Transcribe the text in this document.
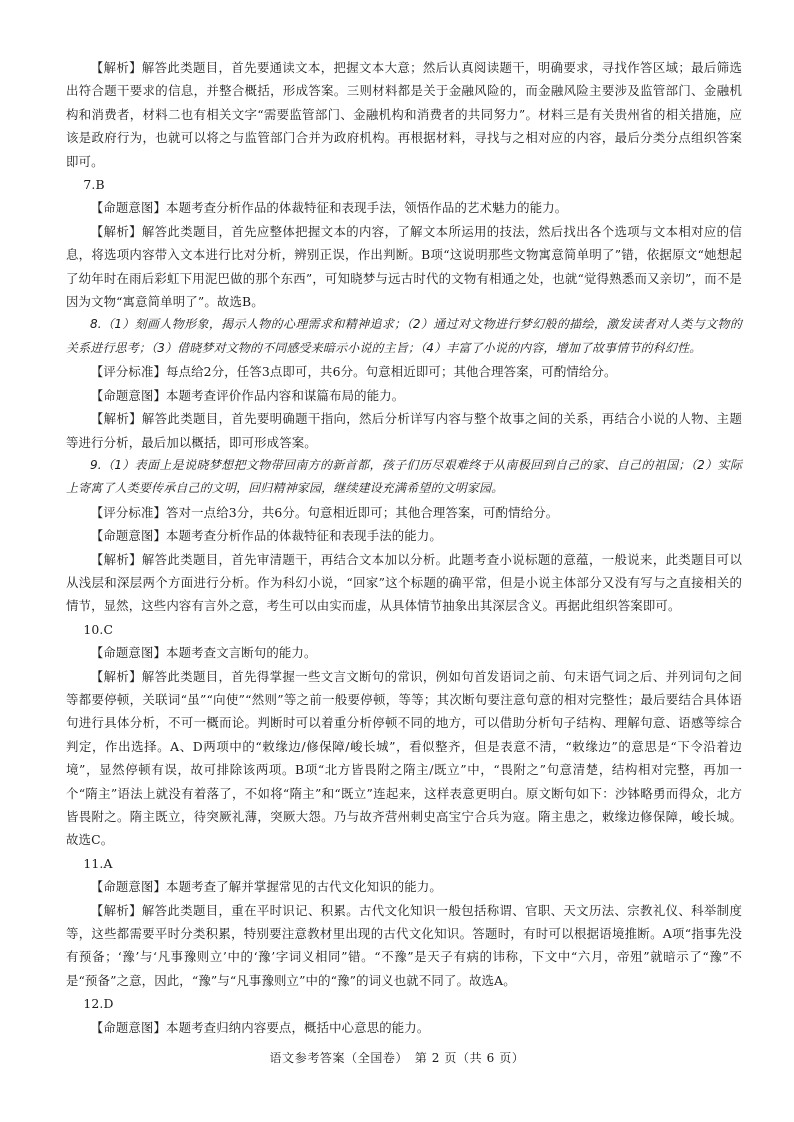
【解析】解答此类题目，首先要通读文本，把握文本大意；然后认真阅读题干，明确要求，寻找作答区域；最后筛选出符合题干要求的信息，并整合概括，形成答案。三则材料都是关于金融风险的，而金融风险主要涉及监管部门、金融机构和消费者，材料二也有相关文字“需要监管部门、金融机构和消费者的共同努力”。材料三是有关贵州省的相关措施，应该是政府行为，也就可以将之与监管部门合并为政府机构。再根据材料，寻找与之相对应的内容，最后分类分点组织答案即可。

7.B

【命题意图】本题考查分析作品的体裁特征和表现手法，领悟作品的艺术魅力的能力。

【解析】解答此类题目，首先应整体把握文本的内容，了解文本所运用的技法，然后找出各个选项与文本相对应的信息，将选项内容带入文本进行比对分析，辨别正误，作出判断。B项“这说明那些文物寓意简单明了”错，依据原文“她想起了幼年时在雨后彩虹下用泥巴做的那个东西”，可知晓梦与远古时代的文物有相通之处，也就“觉得熟悉而又亲切”，而不是因为文物“寓意简单明了”。故选B。

8.（1）刻画人物形象，揭示人物的心理需求和精神追求；（2）通过对文物进行梦幻般的描绘，激发读者对人类与文物的关系进行思考；（3）借晓梦对文物的不同感受来暗示小说的主旨；（4）丰富了小说的内容，增加了故事情节的科幻性。

【评分标准】每点给2分，任答3点即可，共6分。句意相近即可；其他合理答案，可酌情给分。

【命题意图】本题考查评价作品内容和谋篇布局的能力。

【解析】解答此类题目，首先要明确题干指向，然后分析详写内容与整个故事之间的关系，再结合小说的人物、主题等进行分析，最后加以概括，即可形成答案。

9.（1）表面上是说晓梦想把文物带回南方的新首都，孩子们历尽艰难终于从南极回到自己的家、自己的祖国；（2）实际上寄寓了人类要传承自己的文明，回归精神家园，继续建设充满希望的文明家园。

【评分标准】答对一点给3分，共6分。句意相近即可；其他合理答案，可酌情给分。

【命题意图】本题考查分析作品的体裁特征和表现手法的能力。

【解析】解答此类题目，首先审清题干，再结合文本加以分析。此题考查小说标题的意蕴，一般说来，此类题目可以从浅层和深层两个方面进行分析。作为科幻小说，“回家”这个标题的确平常，但是小说主体部分又没有写与之直接相关的情节，显然，这些内容有言外之意，考生可以由实而虚，从具体情节抽象出其深层含义。再据此组织答案即可。

10.C

【命题意图】本题考查文言断句的能力。

【解析】解答此类题目，首先得掌握一些文言文断句的常识，例如句首发语词之前、句末语气词之后、并列词句之间等都要停顿，关联词“虽”“向使”“然则”等之前一般要停顿，等等；其次断句要注意句意的相对完整性；最后要结合具体语句进行具体分析，不可一概而论。判断时可以着重分析停顿不同的地方，可以借助分析句子结构、理解句意、语感等综合判定，作出选择。A、D两项中的“敕缘边/修保障/峻长城”，看似整齐，但是表意不清，“敕缘边”的意思是“下令沿着边境”，显然停顿有误，故可排除该两项。B项“北方皆畏附之隋主/既立”中，“畏附之”句意清楚，结构相对完整，再加一个“隋主”语法上就没有着落了，不如将“隋主”和“既立”连起来，这样表意更明白。原文断句如下：沙钵略勇而得众，北方皆畏附之。隋主既立，待突厥礼薄，突厥大怨。乃与故齐营州刺史高宝宁合兵为寇。隋主患之，敕缘边修保障，峻长城。故选C。

11.A

【命题意图】本题考查了解并掌握常见的古代文化知识的能力。

【解析】解答此类题目，重在平时识记、积累。古代文化知识一般包括称谓、官职、天文历法、宗教礼仪、科举制度等，这些都需要平时分类积累，特别要注意教材里出现的古代文化知识。答题时，有时可以根据语境推断。A项“指事先没有预备；‘豫’与‘凡事豫则立’中的‘豫’字词义相同”错。“不豫”是天子有病的讳称，下文中“六月，帝殂”就暗示了“豫”不是“预备”之意，因此，“豫”与“凡事豫则立”中的“豫”的词义也就不同了。故选A。

12.D

【命题意图】本题考查归纳内容要点，概括中心意思的能力。

语文参考答案（全国卷）　第 2 页（共 6 页）
